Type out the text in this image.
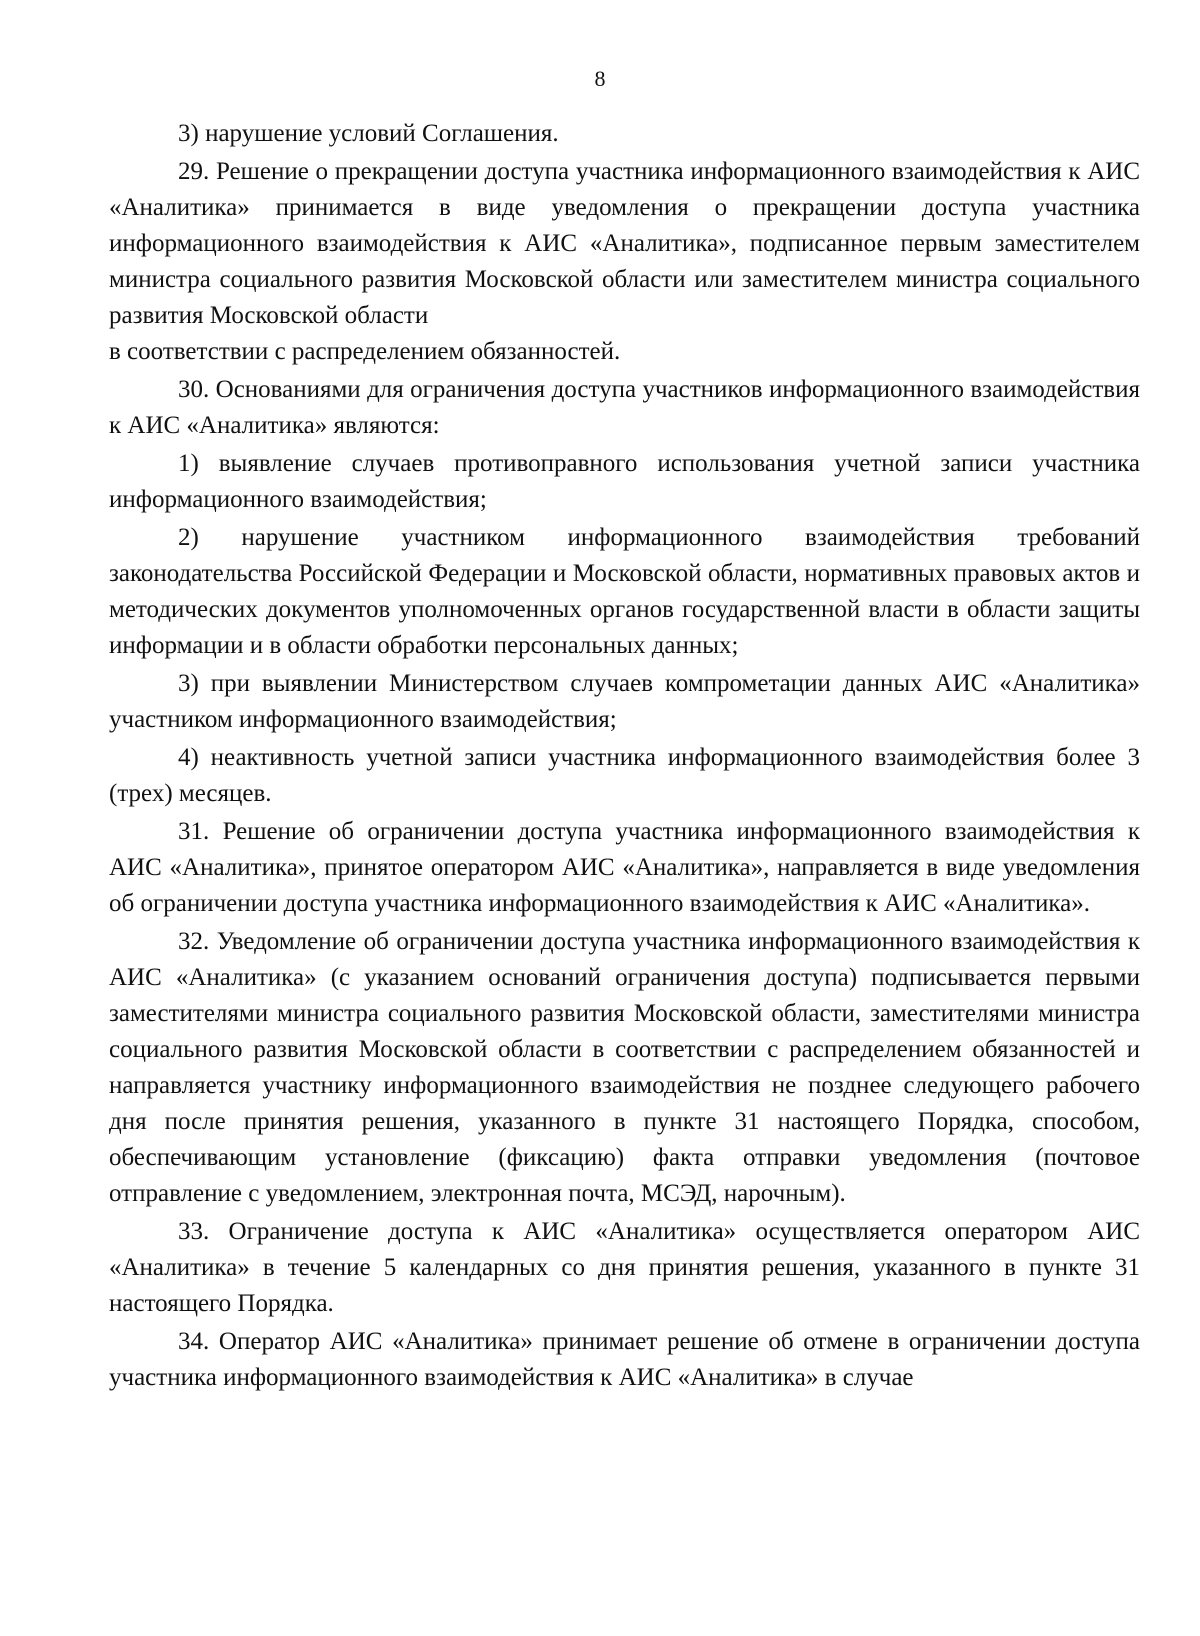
8

3) нарушение условий Соглашения.

29. Решение о прекращении доступа участника информационного взаимодействия к АИС «Аналитика» принимается в виде уведомления о прекращении доступа участника информационного взаимодействия к АИС «Аналитика», подписанное первым заместителем министра социального развития Московской области или заместителем министра социального развития Московской области

в соответствии с распределением обязанностей.

30. Основаниями для ограничения доступа участников информационного взаимодействия к АИС «Аналитика» являются:

1) выявление случаев противоправного использования учетной записи участника информационного взаимодействия;

2) нарушение участником информационного взаимодействия требований законодательства Российской Федерации и Московской области, нормативных правовых актов и методических документов уполномоченных органов государственной власти в области защиты информации и в области обработки персональных данных;

3) при выявлении Министерством случаев компрометации данных АИС «Аналитика» участником информационного взаимодействия;

4) неактивность учетной записи участника информационного взаимодействия более 3 (трех) месяцев.

31. Решение об ограничении доступа участника информационного взаимодействия к АИС «Аналитика», принятое оператором АИС «Аналитика», направляется в виде уведомления об ограничении доступа участника информационного взаимодействия к АИС «Аналитика».

32. Уведомление об ограничении доступа участника информационного взаимодействия к АИС «Аналитика» (с указанием оснований ограничения доступа) подписывается первыми заместителями министра социального развития Московской области, заместителями министра социального развития Московской области в соответствии с распределением обязанностей и направляется участнику информационного взаимодействия не позднее следующего рабочего дня после принятия решения, указанного в пункте 31 настоящего Порядка, способом, обеспечивающим установление (фиксацию) факта отправки уведомления (почтовое отправление с уведомлением, электронная почта, МСЭД, нарочным).

33. Ограничение доступа к АИС «Аналитика» осуществляется оператором АИС «Аналитика» в течение 5 календарных со дня принятия решения, указанного в пункте 31 настоящего Порядка.

34. Оператор АИС «Аналитика» принимает решение об отмене в ограничении доступа участника информационного взаимодействия к АИС «Аналитика» в случае
